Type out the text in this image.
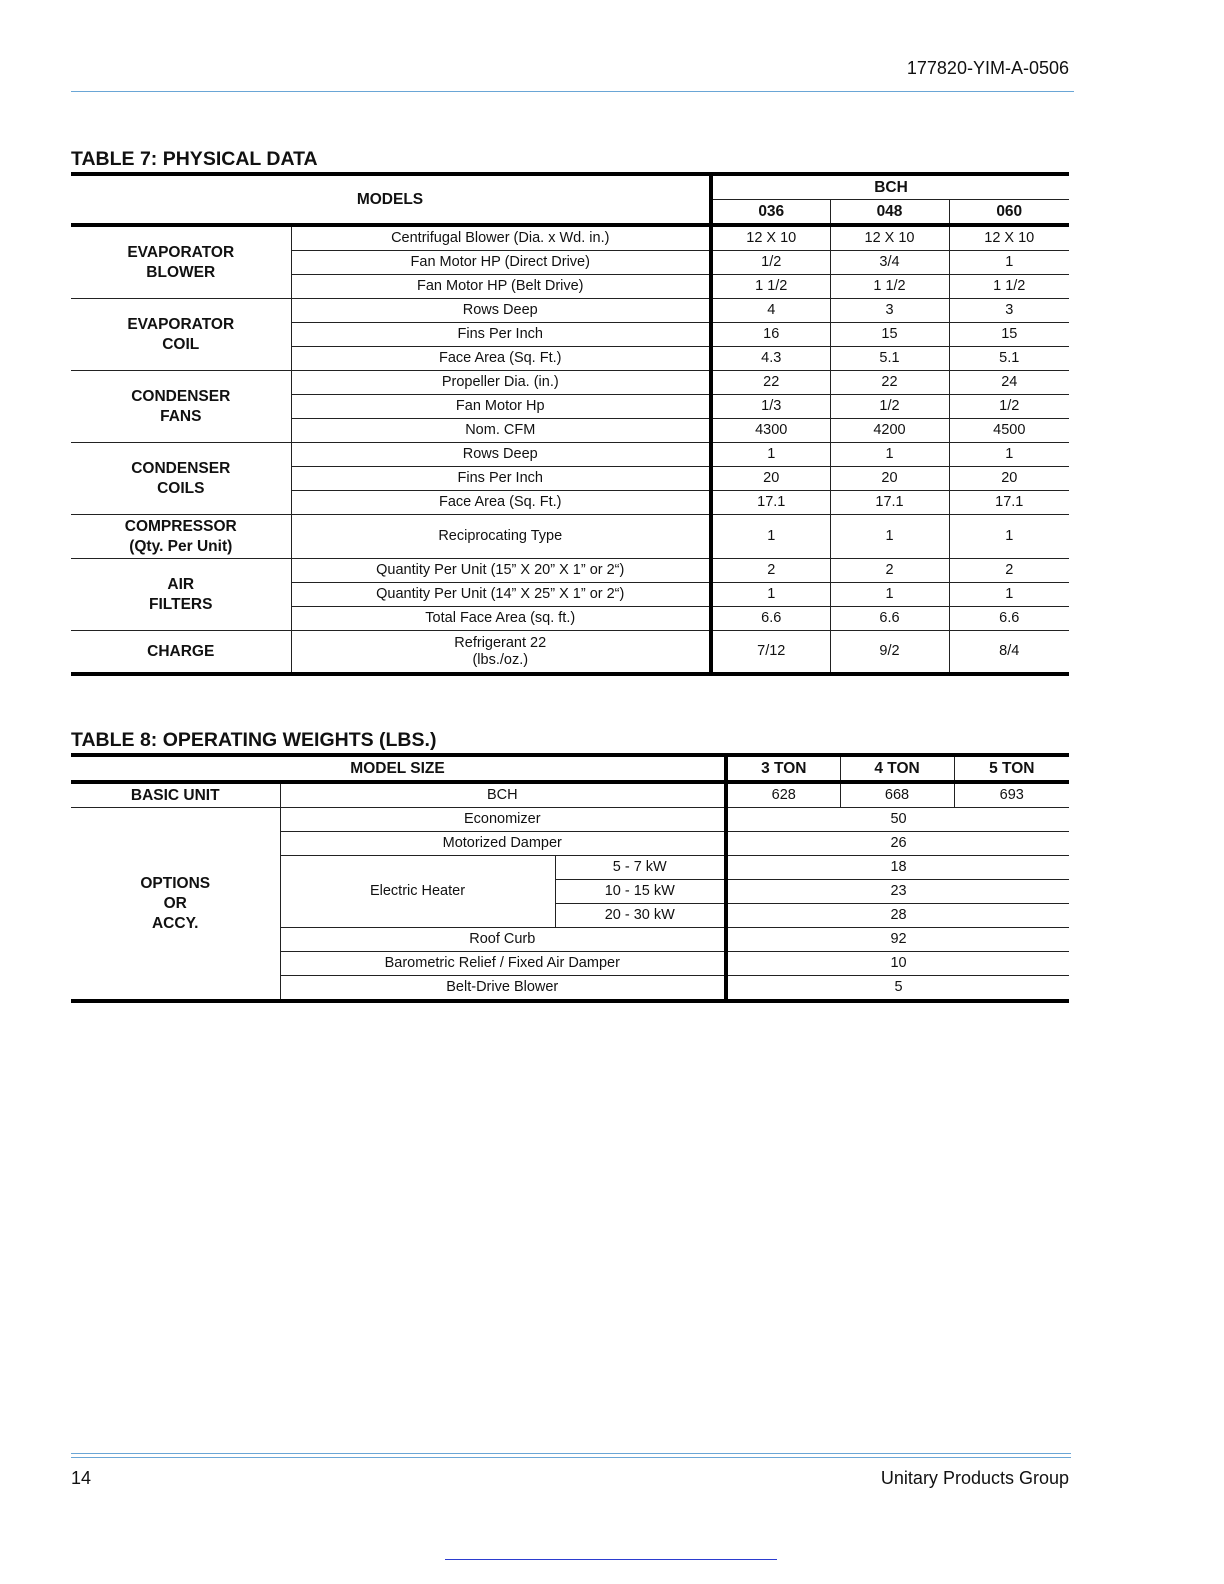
177820-YIM-A-0506
TABLE 7: PHYSICAL DATA
MODELS		BCH		
		036	048	060
EVAPORATOR
BLOWER	Centrifugal Blower (Dia. x Wd. in.)	12 X 10	12 X 10	12 X 10
	Fan Motor HP (Direct Drive)	1/2	3/4	1
	Fan Motor HP (Belt Drive)	1 1/2	1 1/2	1 1/2
EVAPORATOR
COIL	Rows Deep	4	3	3
	Fins Per Inch	16	15	15
	Face Area (Sq. Ft.)	4.3	5.1	5.1
CONDENSER
FANS	Propeller Dia. (in.)	22	22	24
	Fan Motor Hp	1/3	1/2	1/2
	Nom. CFM	4300	4200	4500
CONDENSER
COILS	Rows Deep	1	1	1
	Fins Per Inch	20	20	20
	Face Area (Sq. Ft.)	17.1	17.1	17.1
COMPRESSOR
(Qty. Per Unit)	Reciprocating Type	1	1	1
AIR
FILTERS	Quantity Per Unit (15” X 20” X 1” or 2“)	2	2	2
	Quantity Per Unit (14” X 25” X 1” or 2“)	1	1	1
	Total Face Area (sq. ft.)	6.6	6.6	6.6
CHARGE	Refrigerant 22
(lbs./oz.)	7/12	9/2	8/4
TABLE 8: OPERATING WEIGHTS (LBS.)
MODEL SIZE			3 TON	4 TON	5 TON
BASIC UNIT	BCH		628	668	693
OPTIONS
OR
ACCY.	Economizer		50		
	Motorized Damper		26		
	Electric Heater	5 - 7 kW	18		
		10 - 15 kW	23		
		20 - 30 kW	28		
	Roof Curb		92		
	Barometric Relief / Fixed Air Damper		10		
	Belt-Drive Blower		5		
14	Unitary Products Group
